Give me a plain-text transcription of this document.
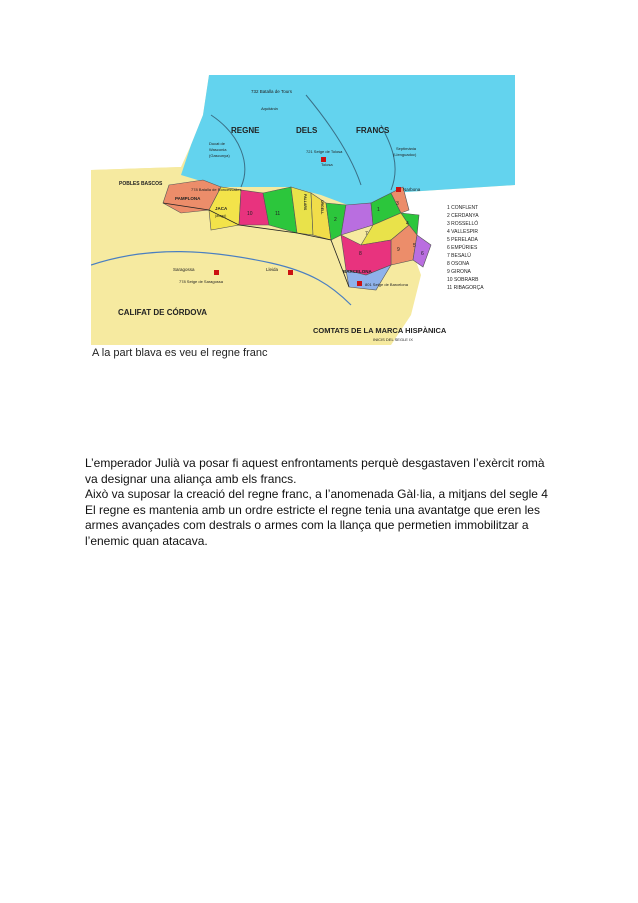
732 Batalla de Tours
Aquitània
REGNE	DELS	FRANCS
Ducat de
Wasconia
(Gascunya)
721 Setge de Tolosa
Tolosa
Septimània
(Llenguadoc)
POBLES BASCOS
778 Batalla de Roncesvalles	Narbona
PAMPLONA
JACA
(aragó)
PALLARS	URGELL	1
2
3
4
5
6
7
8
9
10	11
Saragossa
778 Setge de Saragossa
Lleida	BARCELONA
801 Setge de Barcelona
CALIFAT DE CÓRDOVA
COMTATS DE LA MARCA HISPÀNICA
INICIS DEL SEGLE IX
1 CONFLENT
2 CERDANYA
3 ROSSELLÓ
4 VALLESPIR
5 PERELADA
6 EMPÚRIES
7 BESALÚ
8 OSONA
9 GIRONA
10 SOBRARB
11 RIBAGORÇA
A la part blava es veu el regne franc

L’emperador Julià va posar fi aquest enfrontaments perquè desgastaven l’exèrcit romà

va designar una aliança amb els francs.

Això va suposar la creació del regne franc, a l’anomenada Gàl·lia, a mitjans del segle 4

El regne es mantenia amb un ordre estricte el regne tenia una avantatge que eren les

armes avançades com destrals o armes com la llança que permetien immobilitzar a

l’enemic quan atacava.
